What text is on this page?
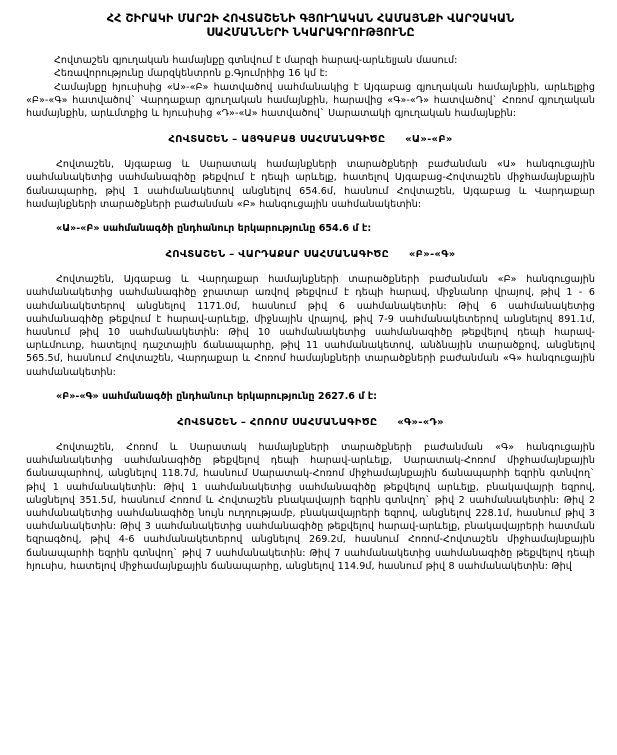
ՀՀ ՇԻՐԱԿԻ ՄԱՐԶԻ ՀՈՎՏԱՇԵՆԻ ԳՅՈՒՂԱԿԱՆ ՀԱՄԱՅՆՔԻ ՎԱՐՉԱԿԱՆ
ՍԱՀՄԱՆՆԵՐԻ ՆԿԱՐԱԳՐՈՒԹՅՈՒՆԸ

Հովտաշեն գյուղական համայնքը գտնվում է մարզի հարավ-արևելյան մասում:

Հեռավորությունը մարզկենտրոն ք.Գյումրիից 16 կմ է:

Համայնքը հյուսիսից «Ա»-«Բ» հատվածով սահմանակից է Այգաբաց գյուղական համայնքին, արևելքից «Բ»-«Գ» հատվածով` Վարդաքար գյուղական համայնքին, հարավից «Գ»-«Դ» հատվածով` Հոռոմ գյուղական համայնքին, արևմտքից և հյուսիսից «Դ»-«Ա» հատվածով` Սարատակի գյուղական համայնքին:

ՀՈՎՏԱՇԵՆ – ԱՅԳԱԲԱՑ ՍԱՀՄԱՆԱԳԻԾԸ «Ա»-«Բ»

Հովտաշեն, Այգաբաց և Սարատակ համայնքների տարածքների բաժանման «Ա» հանգուցային սահմանակետից սահմանագիծը թեքվում է դեպի արևելք, հատելով Այգաբաց-Հովտաշեն միջհամայնքային ճանապարհը, թիվ 1 սահմանակետով անցնելով 654.6մ, հասնում Հովտաշեն, Այգաբաց և Վարդաքար համայնքների տարածքների բաժանման «Բ» հանգուցային սահմանակետին:

«Ա»-«Բ» սահմանագծի ընդհանուր երկարությունը 654.6 մ է:

ՀՈՎՏԱՇԵՆ – ՎԱՐԴԱՔԱՐ ՍԱՀՄԱՆԱԳԻԾԸ «Բ»-«Գ»

Հովտաշեն, Այգաբաց և Վարդաքար համայնքների տարածքների բաժանման «Բ» հանգուցային սահմանակետից սահմանագիծը ջրատար առվով թեքվում է դեպի հարավ, միջնանոր վրայով, թիվ 1 - 6 սահմանակետերով անցնելով 1171.0մ, հասնում թիվ 6 սահմանակետին: Թիվ 6 սահմանակետից սահմանագիծը թեքվում է հարավ-արևելք, միջնային վրայով, թիվ 7-9 սահմանակետերով անցնելով 891.1մ, հասնում թիվ 10 սահմանակետին: Թիվ 10 սահմանակետից սահմանագիծը թեքվելով դեպի հարավ-արևմուտք, հատելով դաշտային ճանապարհը, թիվ 11 սահմանակետով, անձնային տարածքով, անցնելով 565.5մ, հասնում Հովտաշեն, Վարդաքար և Հոռոմ համայնքների տարածքների բաժանման «Գ» հանգուցային սահմանակետին:

«Բ»-«Գ» սահմանագծի ընդհանուր երկարությունը 2627.6 մ է:

ՀՈՎՏԱՇԵՆ – ՀՈՌՈՄ ՍԱՀՄԱՆԱԳԻԾԸ «Գ»-«Դ»

Հովտաշեն, Հոռոմ և Սարատակ համայնքների տարածքների բաժանման «Գ» հանգուցային սահմանակետից սահմանագիծը թեքվելով դեպի հարավ-արևելք, Սարատակ-Հոռոմ միջհամայնքային ճանապարհով, անցնելով 118.7մ, հասնում Սարատակ-Հոռոմ միջհամայնքային ճանապարհի եզրին գտնվող` թիվ 1 սահմանակետին: Թիվ 1 սահմանակետից սահմանագիծը թեքվելով արևելք, բնակավայրի եզրով, անցնելով 351.5մ, հասնում Հոռոմ և Հովտաշեն բնակավայրի եզրին գտնվող` թիվ 2 սահմանակետին: Թիվ 2 սահմանակետից սահմանագիծը նույն ուղղությամբ, բնակավայրերի եզրով, անցնելով 228.1մ, հասնում թիվ 3 սահմանակետին: Թիվ 3 սահմանակետից սահմանագիծը թեքվելով հարավ-արևելք, բնակավայրերի հատման եզրագծով, թիվ 4-6 սահմանակետերով անցնելով 269.2մ, հասնում Հոռոմ-Հովտաշեն միջհամայնքային ճանապարհի եզրին գտնվող` թիվ 7 սահմանակետին: Թիվ 7 սահմանակետից սահմանագիծը թեքվելով դեպի հյուսիս, հատելով միջհամայնքային ճանապարհը, անցնելով 114.9մ, հասնում թիվ 8 սահմանակետին: Թիվ
